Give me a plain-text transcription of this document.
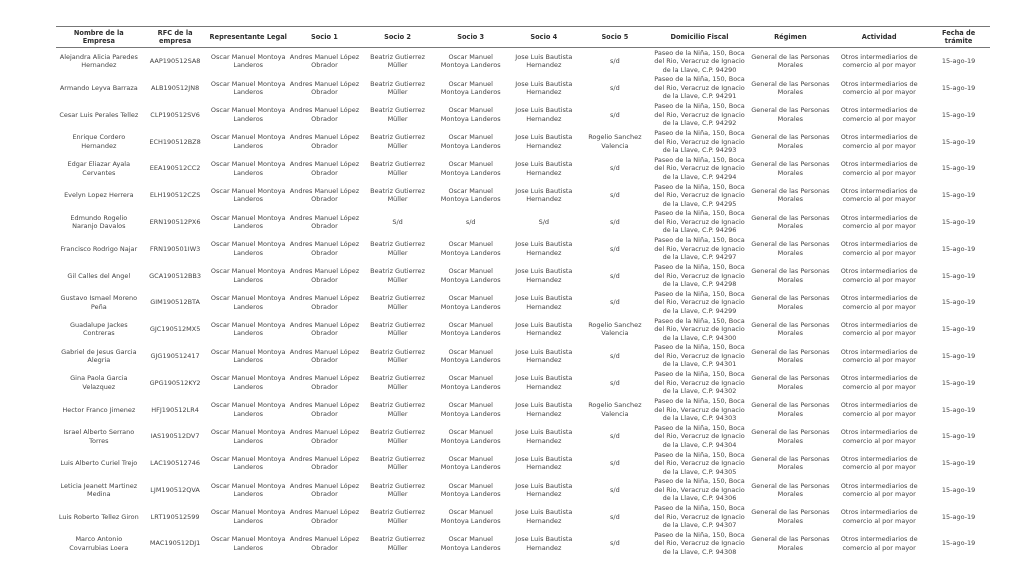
Nombre de la Empresa	RFC de la empresa	Representante Legal	Socio 1	Socio 2	Socio 3	Socio 4	Socio 5	Domicilio Fiscal	Régimen	Actividad	Fecha de trámite
Alejandra Alicia Paredes Hernandez	AAP190512SA8	Oscar Manuel Montoya Landeros	Andres Manuel López Obrador	Beatriz Gutierrez Müller	Oscar Manuel Montoya Landeros	Jose Luis Bautista Hernandez	s/d	Paseo de la Niña, 150, Boca del Rio, Veracruz de Ignacio de la Llave, C.P. 94290	General de las Personas Morales	Otros intermediarios de comercio al por mayor	15-ago-19
Armando Leyva Barraza	ALB190512JN8	Oscar Manuel Montoya Landeros	Andres Manuel López Obrador	Beatriz Gutierrez Müller	Oscar Manuel Montoya Landeros	Jose Luis Bautista Hernandez	s/d	Paseo de la Niña, 150, Boca del Rio, Veracruz de Ignacio de la Llave, C.P. 94291	General de las Personas Morales	Otros intermediarios de comercio al por mayor	15-ago-19
Cesar Luis Perales Tellez	CLP190512SV6	Oscar Manuel Montoya Landeros	Andres Manuel López Obrador	Beatriz Gutierrez Müller	Oscar Manuel Montoya Landeros	Jose Luis Bautista Hernandez	s/d	Paseo de la Niña, 150, Boca del Rio, Veracruz de Ignacio de la Llave, C.P. 94292	General de las Personas Morales	Otros intermediarios de comercio al por mayor	15-ago-19
Enrique Cordero Hernandez	ECH190512BZ8	Oscar Manuel Montoya Landeros	Andres Manuel López Obrador	Beatriz Gutierrez Müller	Oscar Manuel Montoya Landeros	Jose Luis Bautista Hernandez	Rogelio Sanchez Valencia	Paseo de la Niña, 150, Boca del Rio, Veracruz de Ignacio de la Llave, C.P. 94293	General de las Personas Morales	Otros intermediarios de comercio al por mayor	15-ago-19
Edgar Eliazar Ayala Cervantes	EEA190512CC2	Oscar Manuel Montoya Landeros	Andres Manuel López Obrador	Beatriz Gutierrez Müller	Oscar Manuel Montoya Landeros	Jose Luis Bautista Hernandez	s/d	Paseo de la Niña, 150, Boca del Rio, Veracruz de Ignacio de la Llave, C.P. 94294	General de las Personas Morales	Otros intermediarios de comercio al por mayor	15-ago-19
Evelyn Lopez Herrera	ELH190512CZS	Oscar Manuel Montoya Landeros	Andres Manuel López Obrador	Beatriz Gutierrez Müller	Oscar Manuel Montoya Landeros	Jose Luis Bautista Hernandez	s/d	Paseo de la Niña, 150, Boca del Rio, Veracruz de Ignacio de la Llave, C.P. 94295	General de las Personas Morales	Otros intermediarios de comercio al por mayor	15-ago-19
Edmundo Rogelio Naranjo Davalos	ERN190512PX6	Oscar Manuel Montoya Landeros	Andres Manuel López Obrador	S/d	s/d	S/d	s/d	Paseo de la Niña, 150, Boca del Rio, Veracruz de Ignacio de la Llave, C.P. 94296	General de las Personas Morales	Otros intermediarios de comercio al por mayor	15-ago-19
Francisco Rodrigo Najar	FRN190501IW3	Oscar Manuel Montoya Landeros	Andres Manuel López Obrador	Beatriz Gutierrez Müller	Oscar Manuel Montoya Landeros	Jose Luis Bautista Hernandez	s/d	Paseo de la Niña, 150, Boca del Rio, Veracruz de Ignacio de la Llave, C.P. 94297	General de las Personas Morales	Otros intermediarios de comercio al por mayor	15-ago-19
Gil Calles del Angel	GCA190512BB3	Oscar Manuel Montoya Landeros	Andres Manuel López Obrador	Beatriz Gutierrez Müller	Oscar Manuel Montoya Landeros	Jose Luis Bautista Hernandez	s/d	Paseo de la Niña, 150, Boca del Rio, Veracruz de Ignacio de la Llave, C.P. 94298	General de las Personas Morales	Otros intermediarios de comercio al por mayor	15-ago-19
Gustavo Ismael Moreno Peña	GIM190512BTA	Oscar Manuel Montoya Landeros	Andres Manuel López Obrador	Beatriz Gutierrez Müller	Oscar Manuel Montoya Landeros	Jose Luis Bautista Hernandez	s/d	Paseo de la Niña, 150, Boca del Rio, Veracruz de Ignacio de la Llave, C.P. 94299	General de las Personas Morales	Otros intermediarios de comercio al por mayor	15-ago-19
Guadalupe Jackes Contreras	GJC190512MX5	Oscar Manuel Montoya Landeros	Andres Manuel López Obrador	Beatriz Gutierrez Müller	Oscar Manuel Montoya Landeros	Jose Luis Bautista Hernandez	Rogelio Sanchez Valencia	Paseo de la Niña, 150, Boca del Rio, Veracruz de Ignacio de la Llave, C.P. 94300	General de las Personas Morales	Otros intermediarios de comercio al por mayor	15-ago-19
Gabriel de Jesus Garcia Alegria	GJG190512417	Oscar Manuel Montoya Landeros	Andres Manuel López Obrador	Beatriz Gutierrez Müller	Oscar Manuel Montoya Landeros	Jose Luis Bautista Hernandez	s/d	Paseo de la Niña, 150, Boca del Rio, Veracruz de Ignacio de la Llave, C.P. 94301	General de las Personas Morales	Otros intermediarios de comercio al por mayor	15-ago-19
Gina Paola Garcia Velazquez	GPG190512KY2	Oscar Manuel Montoya Landeros	Andres Manuel López Obrador	Beatriz Gutierrez Müller	Oscar Manuel Montoya Landeros	Jose Luis Bautista Hernandez	s/d	Paseo de la Niña, 150, Boca del Rio, Veracruz de Ignacio de la Llave, C.P. 94302	General de las Personas Morales	Otros intermediarios de comercio al por mayor	15-ago-19
Hector Franco Jimenez	HFJ190512LR4	Oscar Manuel Montoya Landeros	Andres Manuel López Obrador	Beatriz Gutierrez Müller	Oscar Manuel Montoya Landeros	Jose Luis Bautista Hernandez	Rogelio Sanchez Valencia	Paseo de la Niña, 150, Boca del Rio, Veracruz de Ignacio de la Llave, C.P. 94303	General de las Personas Morales	Otros intermediarios de comercio al por mayor	15-ago-19
Israel Alberto Serrano Torres	IAS190512DV7	Oscar Manuel Montoya Landeros	Andres Manuel López Obrador	Beatriz Gutierrez Müller	Oscar Manuel Montoya Landeros	Jose Luis Bautista Hernandez	s/d	Paseo de la Niña, 150, Boca del Rio, Veracruz de Ignacio de la Llave, C.P. 94304	General de las Personas Morales	Otros intermediarios de comercio al por mayor	15-ago-19
Luis Alberto Curiel Trejo	LAC190512746	Oscar Manuel Montoya Landeros	Andres Manuel López Obrador	Beatriz Gutierrez Müller	Oscar Manuel Montoya Landeros	Jose Luis Bautista Hernandez	s/d	Paseo de la Niña, 150, Boca del Rio, Veracruz de Ignacio de la Llave, C.P. 94305	General de las Personas Morales	Otros intermediarios de comercio al por mayor	15-ago-19
Leticia Jeanett Martinez Medina	LJM190512QVA	Oscar Manuel Montoya Landeros	Andres Manuel López Obrador	Beatriz Gutierrez Müller	Oscar Manuel Montoya Landeros	Jose Luis Bautista Hernandez	s/d	Paseo de la Niña, 150, Boca del Rio, Veracruz de Ignacio de la Llave, C.P. 94306	General de las Personas Morales	Otros intermediarios de comercio al por mayor	15-ago-19
Luis Roberto Tellez Giron	LRT190512599	Oscar Manuel Montoya Landeros	Andres Manuel López Obrador	Beatriz Gutierrez Müller	Oscar Manuel Montoya Landeros	Jose Luis Bautista Hernandez	s/d	Paseo de la Niña, 150, Boca del Rio, Veracruz de Ignacio de la Llave, C.P. 94307	General de las Personas Morales	Otros intermediarios de comercio al por mayor	15-ago-19
Marco Antonio Covarrubias Loera	MAC190512DJ1	Oscar Manuel Montoya Landeros	Andres Manuel López Obrador	Beatriz Gutierrez Müller	Oscar Manuel Montoya Landeros	Jose Luis Bautista Hernandez	s/d	Paseo de la Niña, 150, Boca del Rio, Veracruz de Ignacio de la Llave, C.P. 94308	General de las Personas Morales	Otros intermediarios de comercio al por mayor	15-ago-19
